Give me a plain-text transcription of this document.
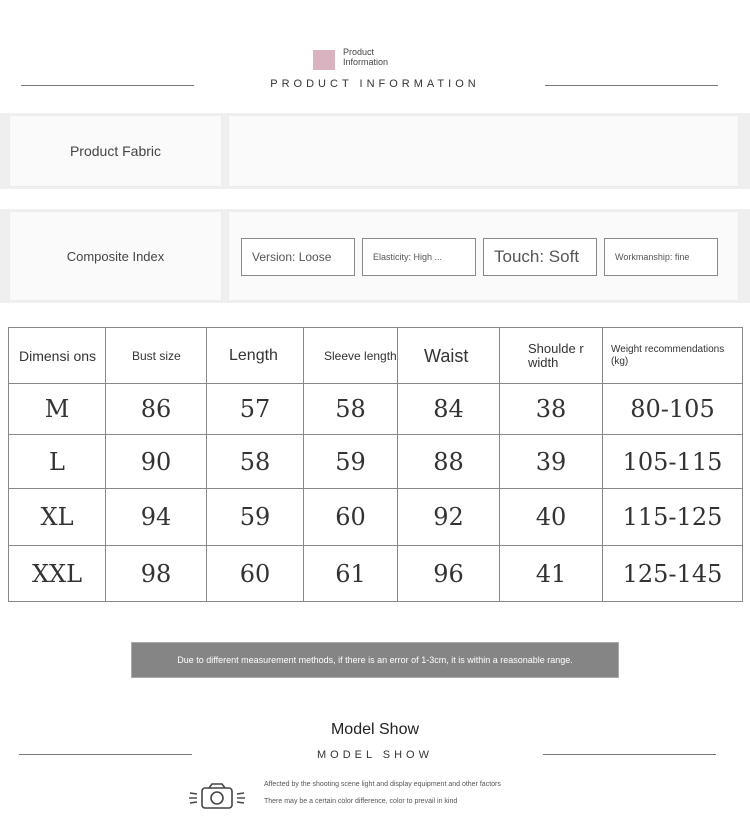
Product
Information
PRODUCT INFORMATION
Product Fabric
Composite Index	Version: Loose	Elasticity: High ...	Touch: Soft	Workmanship: fine
Dimensi ons	Bust size	Length	Sleeve length	Waist	Shoulde r width	Weight recommendations (kg)
M	86	57	58	84	38	80-105
L	90	58	59	88	39	105-115
XL	94	59	60	92	40	115-125
XXL	98	60	61	96	41	125-145
Due to different measurement methods, if there is an error of 1-3cm, it is within a reasonable range.
Model Show
MODEL SHOW
Affected by the shooting scene light and display equipment and other factors
There may be a certain color difference, color to prevail in kind
